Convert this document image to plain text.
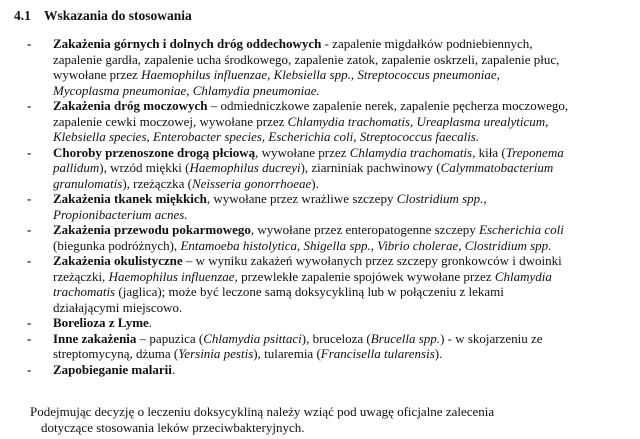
4.1 Wskazania do stosowania
- Zakażenia górnych i dolnych dróg oddechowych - zapalenie migdałków podniebiennych,
zapalenie gardła, zapalenie ucha środkowego, zapalenie zatok, zapalenie oskrzeli, zapalenie płuc,
wywołane przez Haemophilus influenzae, Klebsiella spp., Streptococcus pneumoniae,
Mycoplasma pneumoniae, Chlamydia pneumoniae.
- Zakażenia dróg moczowych – odmiedniczkowe zapalenie nerek, zapalenie pęcherza moczowego,
zapalenie cewki moczowej, wywołane przez Chlamydia trachomatis, Ureaplasma urealyticum,
Klebsiella species, Enterobacter species, Escherichia coli, Streptococcus faecalis.
- Choroby przenoszone drogą płciową, wywołane przez Chlamydia trachomatis, kiła (Treponema
pallidum), wrzód miękki (Haemophilus ducreyi), ziarniniak pachwinowy (Calymmatobacterium
granulomatis), rzeżączka (Neisseria gonorrhoeae).
- Zakażenia tkanek miękkich, wywołane przez wrażliwe szczepy Clostridium spp.,
Propionibacterium acnes.
- Zakażenia przewodu pokarmowego, wywołane przez enteropatogenne szczepy Escherichia coli
(biegunka podróżnych), Entamoeba histolytica, Shigella spp., Vibrio cholerae, Clostridium spp.
- Zakażenia okulistyczne – w wyniku zakażeń wywołanych przez szczepy gronkowców i dwoinki
rzeżączki, Haemophilus influenzae, przewlekłe zapalenie spojówek wywołane przez Chlamydia
trachomatis (jaglica); może być leczone samą doksycykliną lub w połączeniu z lekami
działającymi miejscowo.
- Borelioza z Lyme.
- Inne zakażenia – papuzica (Chlamydia psittaci), bruceloza (Brucella spp.) - w skojarzeniu ze
streptomycyną, dżuma (Yersinia pestis), tularemia (Francisella tularensis).
- Zapobieganie malarii.
Podejmując decyzję o leczeniu doksycykliną należy wziąć pod uwagę oficjalne zalecenia
dotyczące stosowania leków przeciwbakteryjnych.
